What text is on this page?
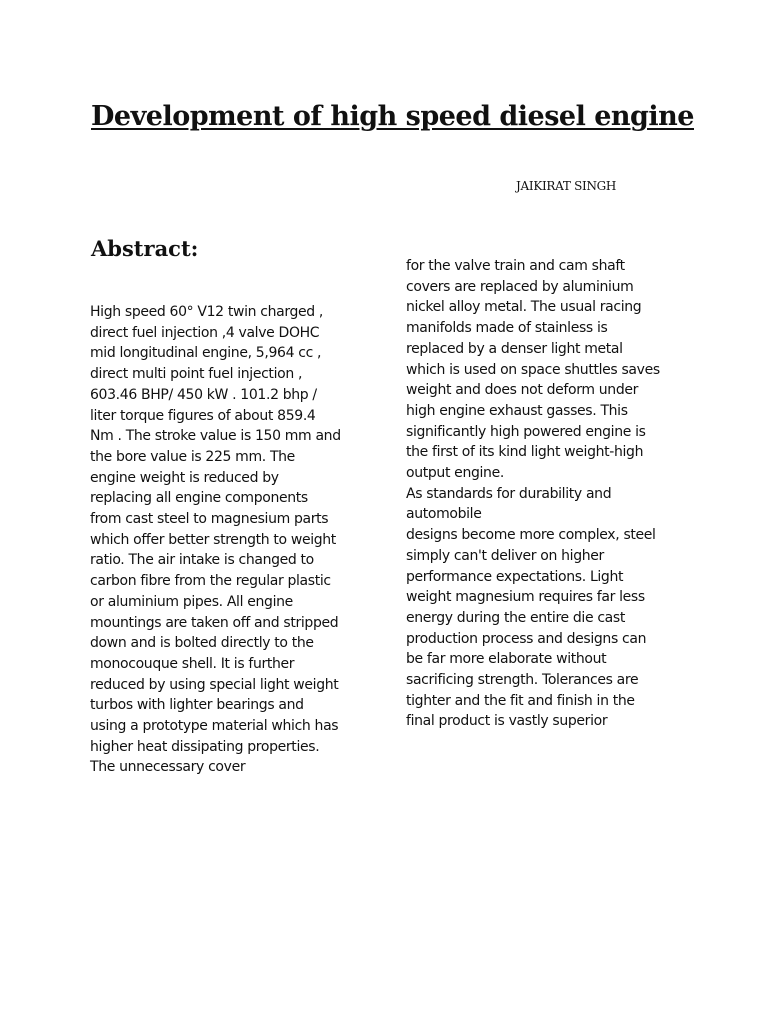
Development of high speed diesel engine
JAIKIRAT SINGH
Abstract:
High speed 60° V12 twin charged ,
direct fuel injection ,4 valve DOHC
mid longitudinal engine, 5,964 cc ,
direct multi point fuel injection ,
603.46 BHP/ 450 kW . 101.2 bhp /
liter torque figures of about 859.4
Nm . The stroke value is 150 mm and
the bore value is 225 mm. The
engine weight is reduced by
replacing all engine components
from cast steel to magnesium parts
which offer better strength to weight
ratio. The air intake is changed to
carbon fibre from the regular plastic
or aluminium pipes. All engine
mountings are taken off and stripped
down and is bolted directly to the
monocouque shell. It is further
reduced by using special light weight
turbos with lighter bearings and
using a prototype material which has
higher heat dissipating properties.
The unnecessary cover
for the valve train and cam shaft
covers are replaced by aluminium
nickel alloy metal. The usual racing
manifolds made of stainless is
replaced by a denser light metal
which is used on space shuttles saves
weight and does not deform under
high engine exhaust gasses. This
significantly high powered engine is
the first of its kind light weight-high
output engine.
As standards for durability and
automobile
designs become more complex, steel
simply can't deliver on higher
performance expectations. Light
weight magnesium requires far less
energy during the entire die cast
production process and designs can
be far more elaborate without
sacrificing strength. Tolerances are
tighter and the fit and finish in the
final product is vastly superior
